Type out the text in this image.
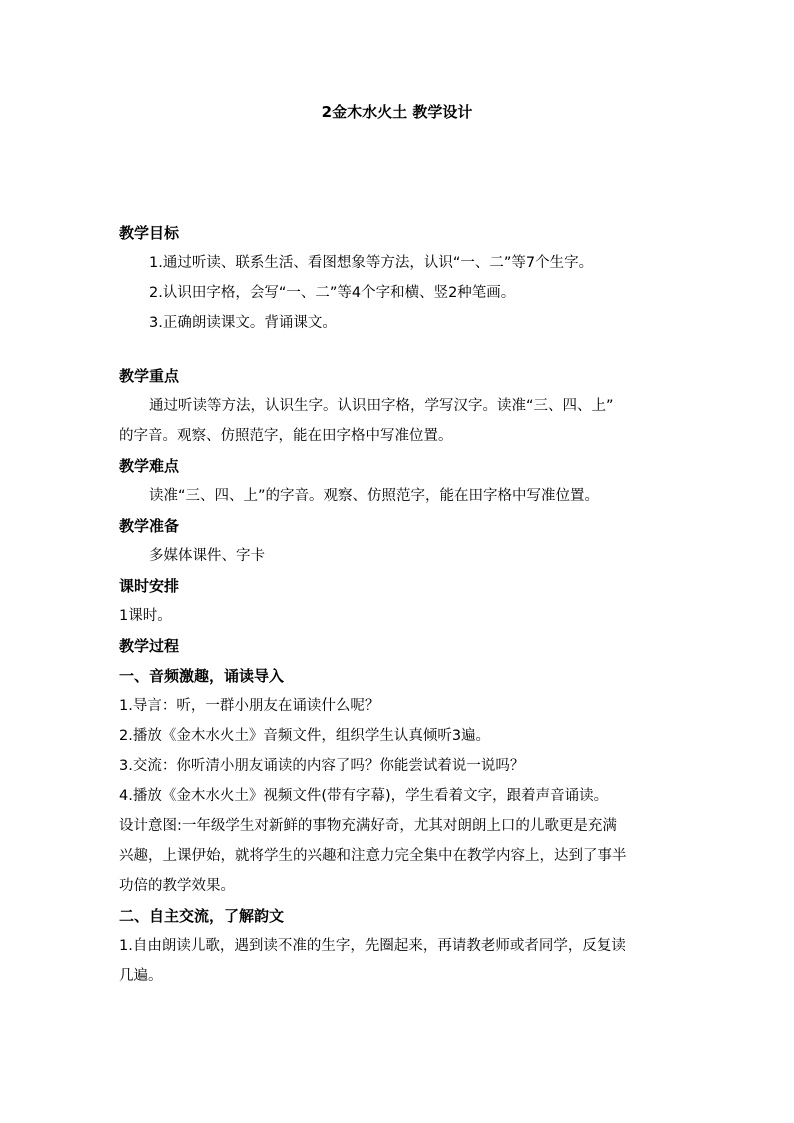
2金木水火土 教学设计
教学目标
1.通过听读、联系生活、看图想象等方法，认识“一、二”等7个生字。
2.认识田字格，会写“一、二”等4个字和横、竖2种笔画。
3.正确朗读课文。背诵课文。
教学重点
通过听读等方法，认识生字。认识田字格，学写汉字。读准“三、四、上”
的字音。观察、仿照范字，能在田字格中写准位置。
教学难点
读准“三、四、上”的字音。观察、仿照范字，能在田字格中写准位置。
教学准备
多媒体课件、字卡
课时安排
1课时。
教学过程
一、音频激趣，诵读导入
1.导言：听，一群小朋友在诵读什么呢？
2.播放《金木水火土》音频文件，组织学生认真倾听3遍。
3.交流：你听清小朋友诵读的内容了吗？你能尝试着说一说吗？
4.播放《金木水火土》视频文件(带有字幕)，学生看着文字，跟着声音诵读。
设计意图:一年级学生对新鲜的事物充满好奇，尤其对朗朗上口的儿歌更是充满
兴趣，上课伊始，就将学生的兴趣和注意力完全集中在教学内容上，达到了事半
功倍的教学效果。
二、自主交流，了解韵文
1.自由朗读儿歌，遇到读不准的生字，先圈起来，再请教老师或者同学，反复读
几遍。
